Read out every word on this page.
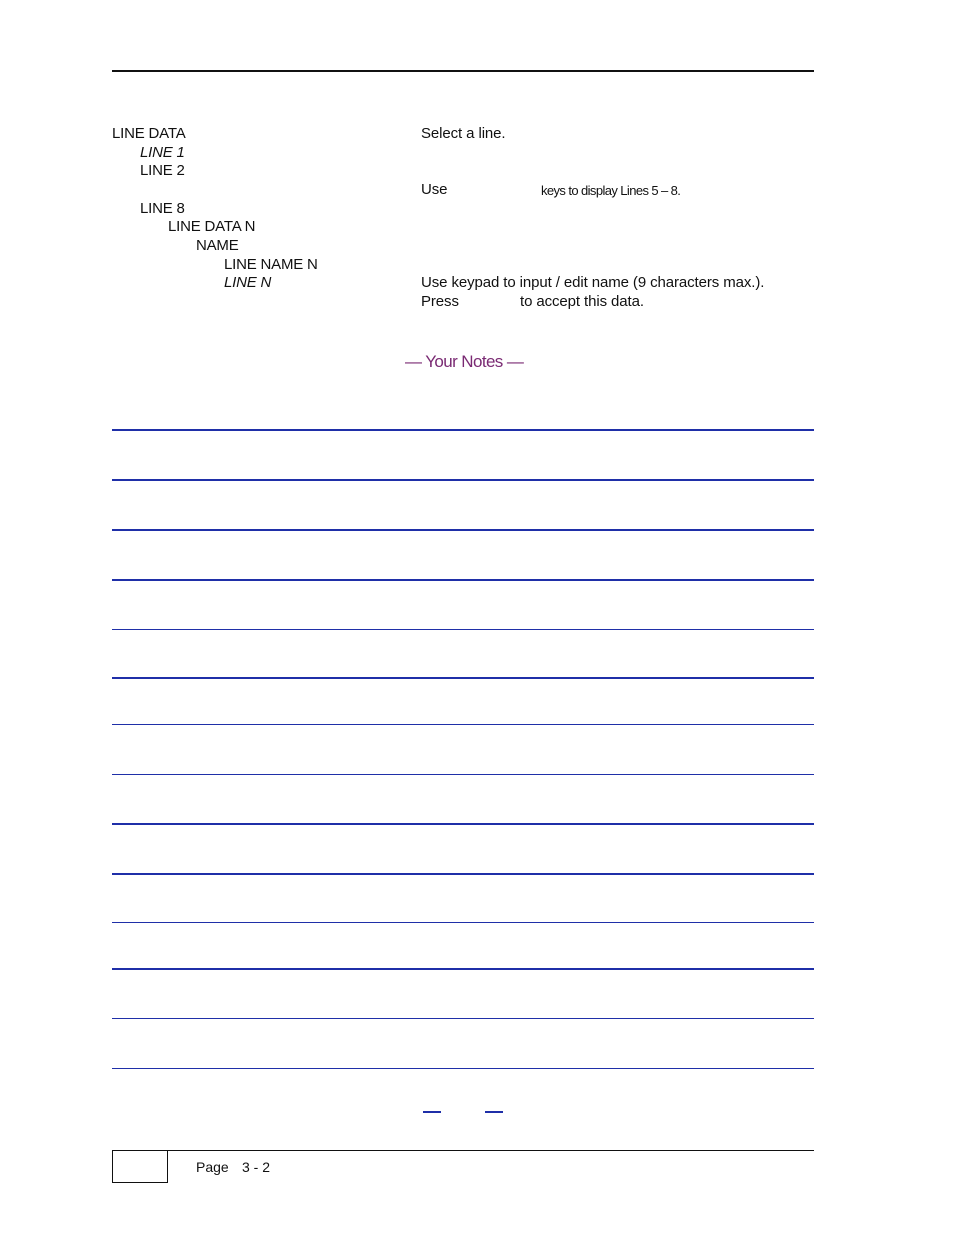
LINE DATA
LINE 1
LINE 2
LINE 8
LINE DATA N
NAME
LINE NAME N
LINE N
Select a line.
Use	keys to display Lines 5 – 8.
Use keypad to input / edit name (9 characters max.).
Press	to accept this data.
— Your Notes —
Page 3 - 2
